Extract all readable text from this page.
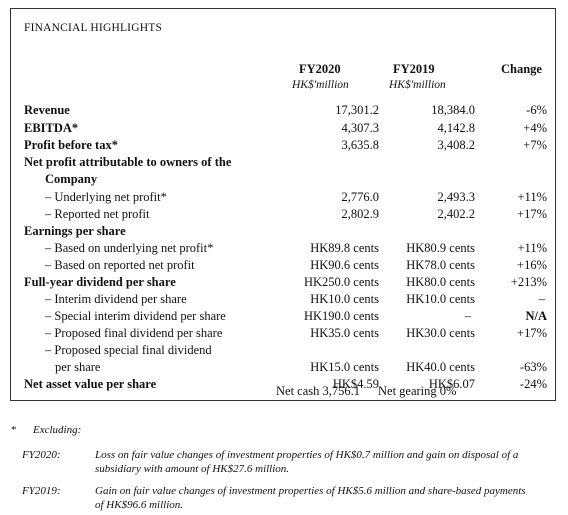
FINANCIAL HIGHLIGHTS
FY2020	FY2019	Change
HK$'million	HK$'million
Revenue	17,301.2	18,384.0	-6%
EBITDA*	4,307.3	4,142.8	+4%
Profit before tax*	3,635.8	3,408.2	+7%
Net profit attributable to owners of the
Company
– Underlying net profit*	2,776.0	2,493.3	+11%
– Reported net profit	2,802.9	2,402.2	+17%
Earnings per share
– Based on underlying net profit*	HK89.8 cents HK80.9 cents	+11%
– Based on reported net profit	HK90.6 cents HK78.0 cents	+16%
Full-year dividend per share	HK250.0 cents HK80.0 cents	+213%
– Interim dividend per share	HK10.0 cents HK10.0 cents	–
– Special interim dividend per share	HK190.0 cents	–	N/A
– Proposed final dividend per share	HK35.0 cents HK30.0 cents	+17%
– Proposed special final dividend
per share	HK15.0 cents HK40.0 cents	-63%
Net asset value per share	HK$4.59	HK$6.07	-24%
Net cash 3,756.1 Net gearing 0%
* Excluding:
FY2020:	Loss on fair value changes of investment properties of HK$0.7 million and gain on disposal of a subsidiary with amount of HK$27.6 million.
FY2019:	Gain on fair value changes of investment properties of HK$5.6 million and share-based payments of HK$96.6 million.
